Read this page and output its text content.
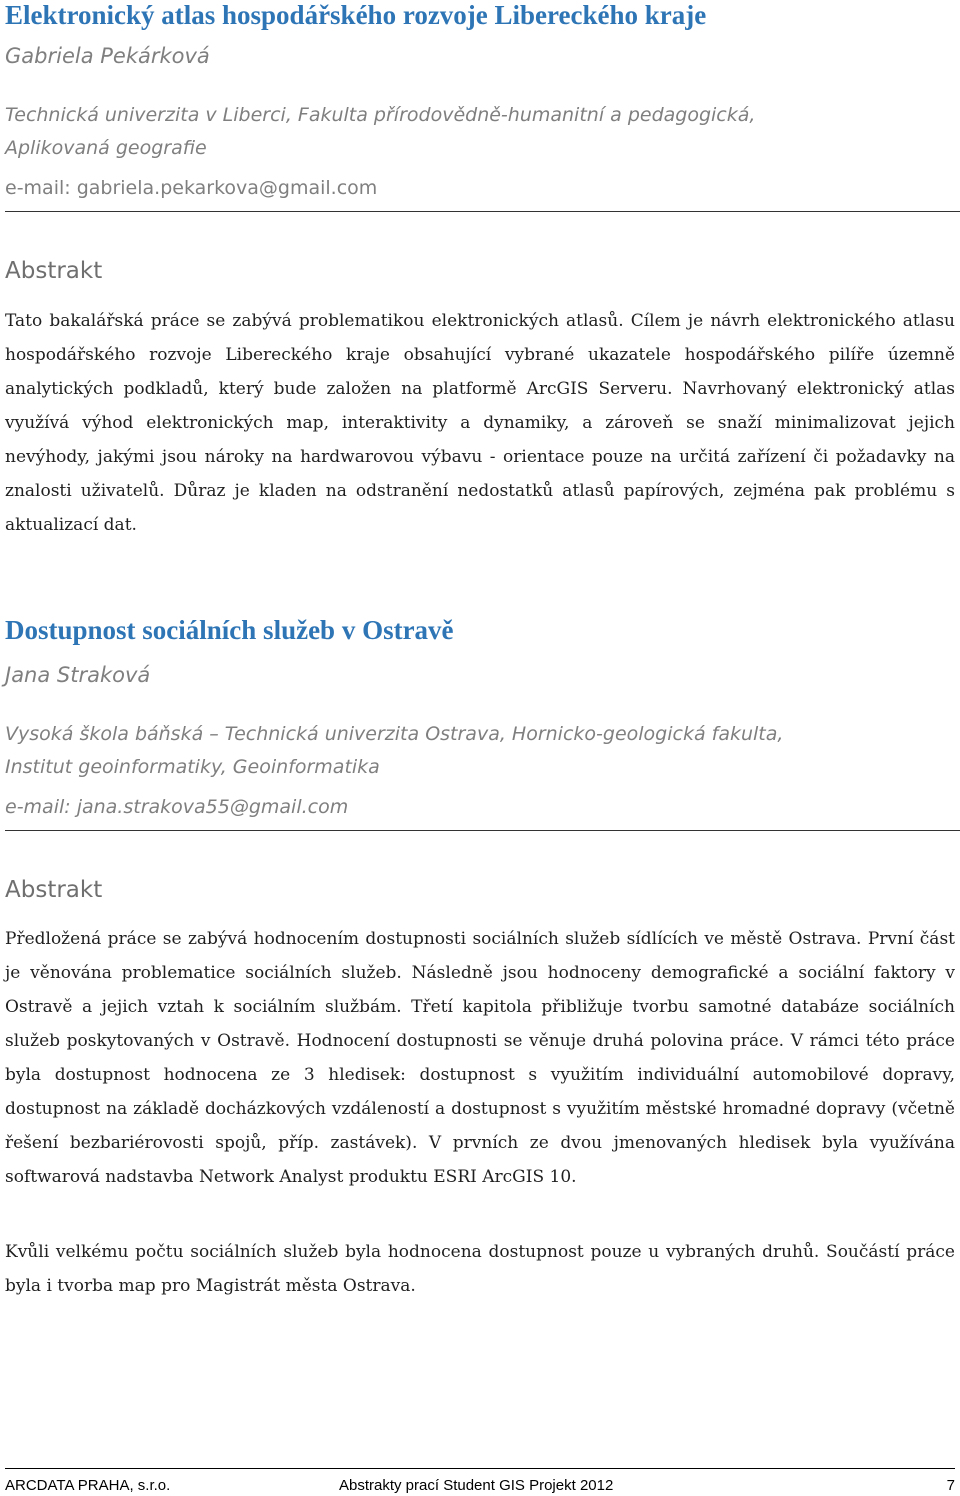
Elektronický atlas hospodářského rozvoje Libereckého kraje

Gabriela Pekárková

Technická univerzita v Liberci, Fakulta přírodovědně-humanitní a pedagogická,
Aplikovaná geografie

e-mail: gabriela.pekarkova@gmail.com

Abstrakt

Tato bakalářská práce se zabývá problematikou elektronických atlasů. Cílem je návrh elektronického atlasu hospodářského rozvoje Libereckého kraje obsahující vybrané ukazatele hospodářského pilíře územně analytických podkladů, který bude založen na platformě ArcGIS Serveru. Navrhovaný elektronický atlas využívá výhod elektronických map, interaktivity a dynamiky, a zároveň se snaží minimalizovat jejich nevýhody, jakými jsou nároky na hardwarovou výbavu - orientace pouze na určitá zařízení či požadavky na znalosti uživatelů. Důraz je kladen na odstranění nedostatků atlasů papírových, zejména pak problému s aktualizací dat.

Dostupnost sociálních služeb v Ostravě

Jana Straková

Vysoká škola báňská – Technická univerzita Ostrava, Hornicko-geologická fakulta,
Institut geoinformatiky, Geoinformatika

e-mail: jana.strakova55@gmail.com

Abstrakt

Předložená práce se zabývá hodnocením dostupnosti sociálních služeb sídlících ve městě Ostrava. První část je věnována problematice sociálních služeb. Následně jsou hodnoceny demografické a sociální faktory v Ostravě a jejich vztah k sociálním službám. Třetí kapitola přibližuje tvorbu samotné databáze sociálních služeb poskytovaných v Ostravě. Hodnocení dostupnosti se věnuje druhá polovina práce. V rámci této práce byla dostupnost hodnocena ze 3 hledisek: dostupnost s využitím individuální automobilové dopravy, dostupnost na základě docházkových vzdáleností a dostupnost s využitím městské hromadné dopravy (včetně řešení bezbariérovosti spojů, příp. zastávek). V prvních ze dvou jmenovaných hledisek byla využívána softwarová nadstavba Network Analyst produktu ESRI ArcGIS 10.

Kvůli velkému počtu sociálních služeb byla hodnocena dostupnost pouze u vybraných druhů. Součástí práce byla i tvorba map pro Magistrát města Ostrava.

ARCDATA PRAHA, s.r.o.	Abstrakty prací Student GIS Projekt 2012	7
